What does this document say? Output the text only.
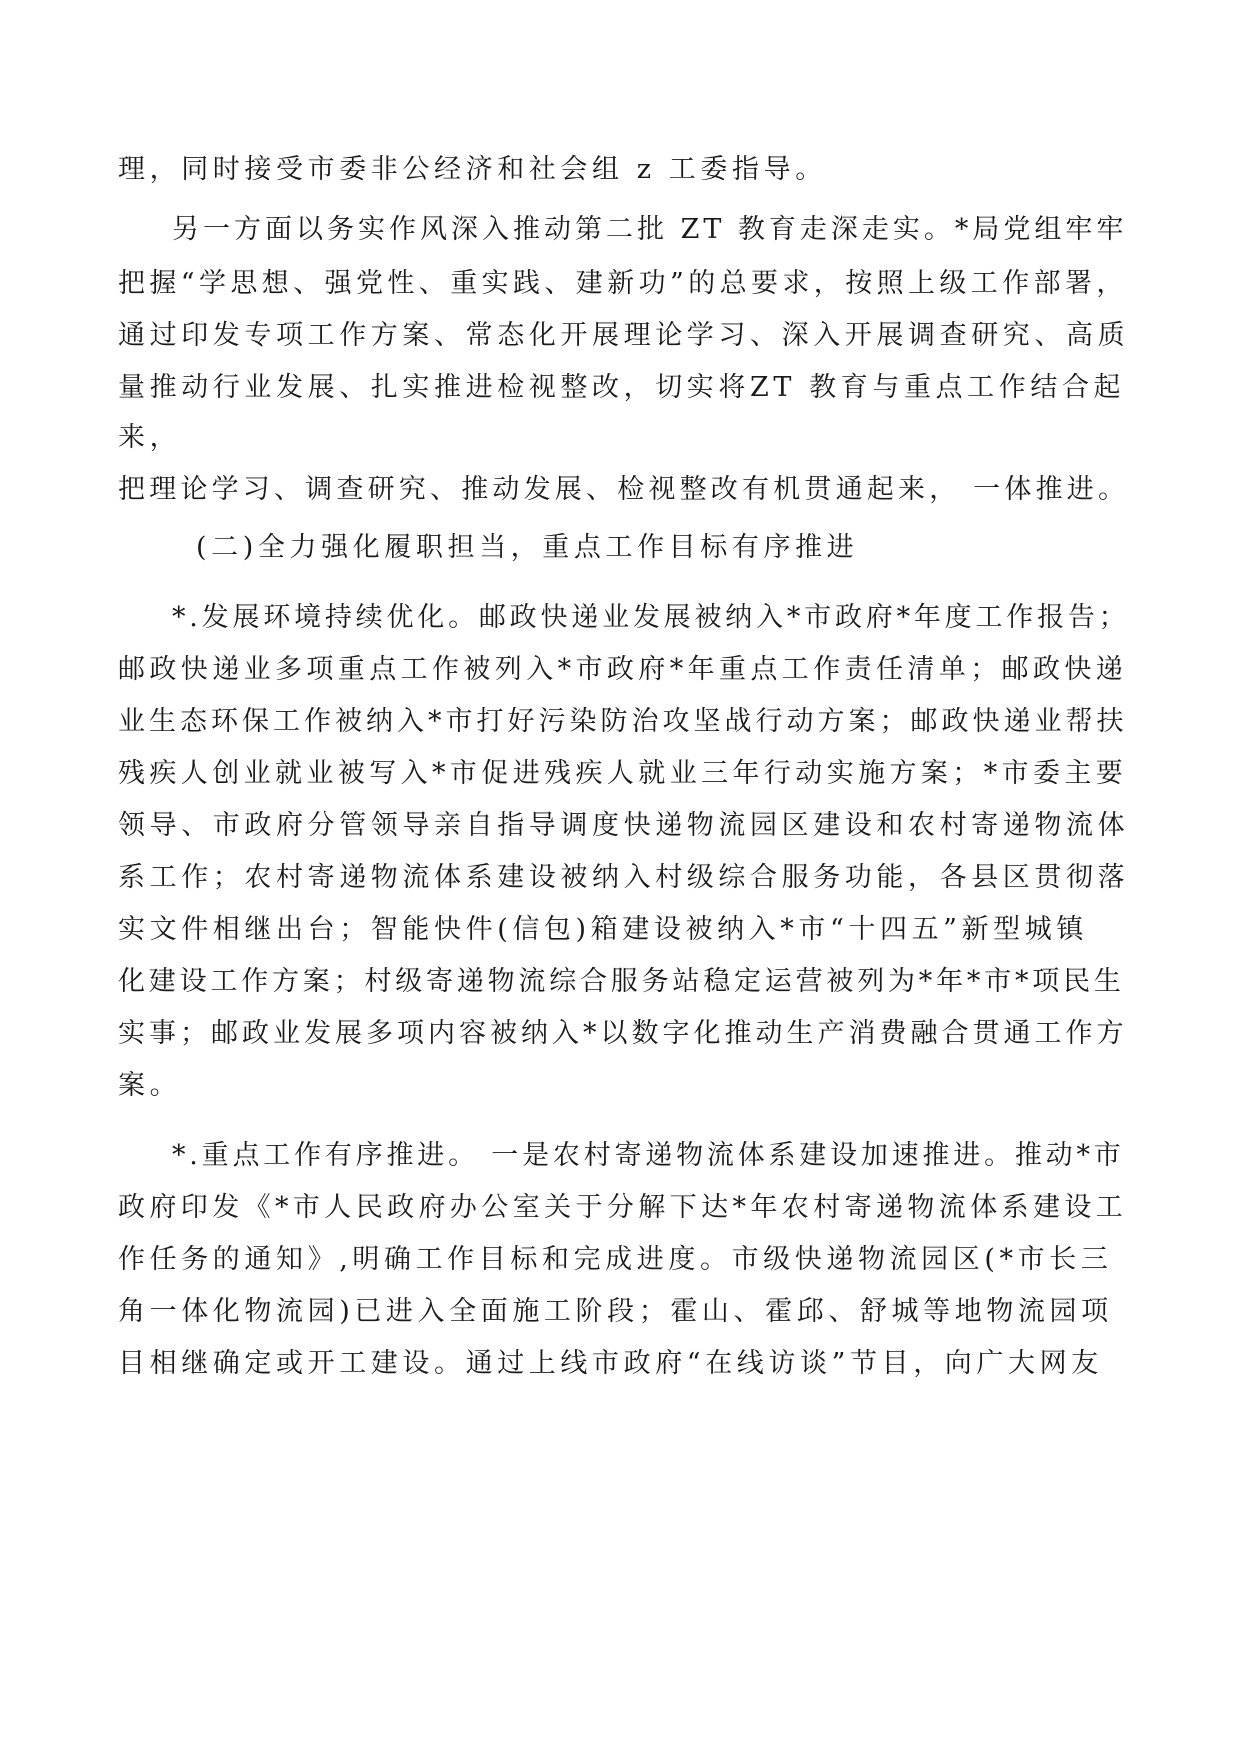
理，同时接受市委非公经济和社会组 z 工委指导。
另一方面以务实作风深入推动第二批 ZT 教育走深走实。*局党组牢牢
把握“学思想、强党性、重实践、建新功”的总要求，按照上级工作部署，
通过印发专项工作方案、常态化开展理论学习、深入开展调查研究、高质
量推动行业发展、扎实推进检视整改，切实将ZT 教育与重点工作结合起
来，
把理论学习、调查研究、推动发展、检视整改有机贯通起来， 一体推进。
(二)全力强化履职担当，重点工作目标有序推进
*.发展环境持续优化。邮政快递业发展被纳入*市政府*年度工作报告；
邮政快递业多项重点工作被列入*市政府*年重点工作责任清单；邮政快递
业生态环保工作被纳入*市打好污染防治攻坚战行动方案；邮政快递业帮扶
残疾人创业就业被写入*市促进残疾人就业三年行动实施方案；*市委主要
领导、市政府分管领导亲自指导调度快递物流园区建设和农村寄递物流体
系工作；农村寄递物流体系建设被纳入村级综合服务功能，各县区贯彻落
实文件相继出台；智能快件(信包)箱建设被纳入*市“十四五”新型城镇
化建设工作方案；村级寄递物流综合服务站稳定运营被列为*年*市*项民生
实事；邮政业发展多项内容被纳入*以数字化推动生产消费融合贯通工作方
案。
*.重点工作有序推进。 一是农村寄递物流体系建设加速推进。推动*市
政府印发《*市人民政府办公室关于分解下达*年农村寄递物流体系建设工
作任务的通知》,明确工作目标和完成进度。市级快递物流园区(*市长三
角一体化物流园)已进入全面施工阶段；霍山、霍邱、舒城等地物流园项
目相继确定或开工建设。通过上线市政府“在线访谈”节目，向广大网友
